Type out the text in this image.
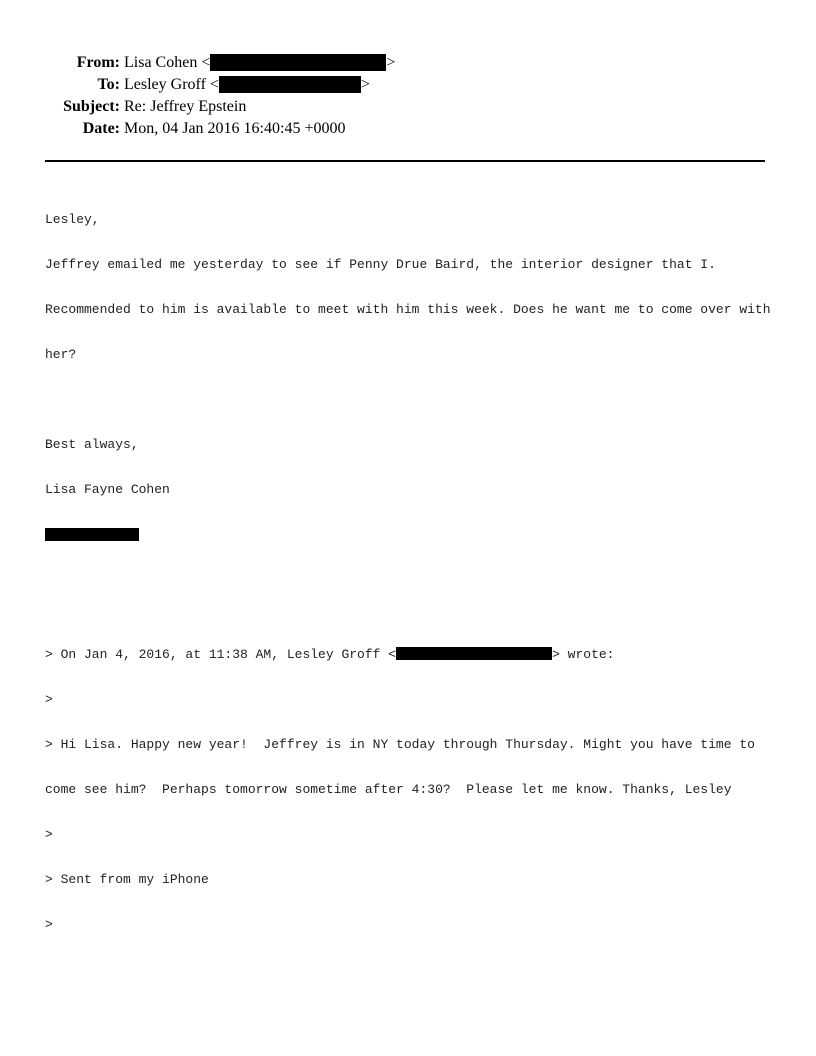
From: Lisa Cohen <	>
To: Lesley Groff <	>
Subject: Re: Jeffrey Epstein
Date: Mon, 04 Jan 2016 16:40:45 +0000

Lesley,

Jeffrey emailed me yesterday to see if Penny Drue Baird, the interior designer that I.

Recommended to him is available to meet with him this week. Does he want me to come over with

her?

Best always,

Lisa Fayne Cohen

> On Jan 4, 2016, at 11:38 AM, Lesley Groff <	> wrote:

>

> Hi Lisa. Happy new year!  Jeffrey is in NY today through Thursday. Might you have time to

come see him?  Perhaps tomorrow sometime after 4:30?  Please let me know. Thanks, Lesley

>

> Sent from my iPhone

>
